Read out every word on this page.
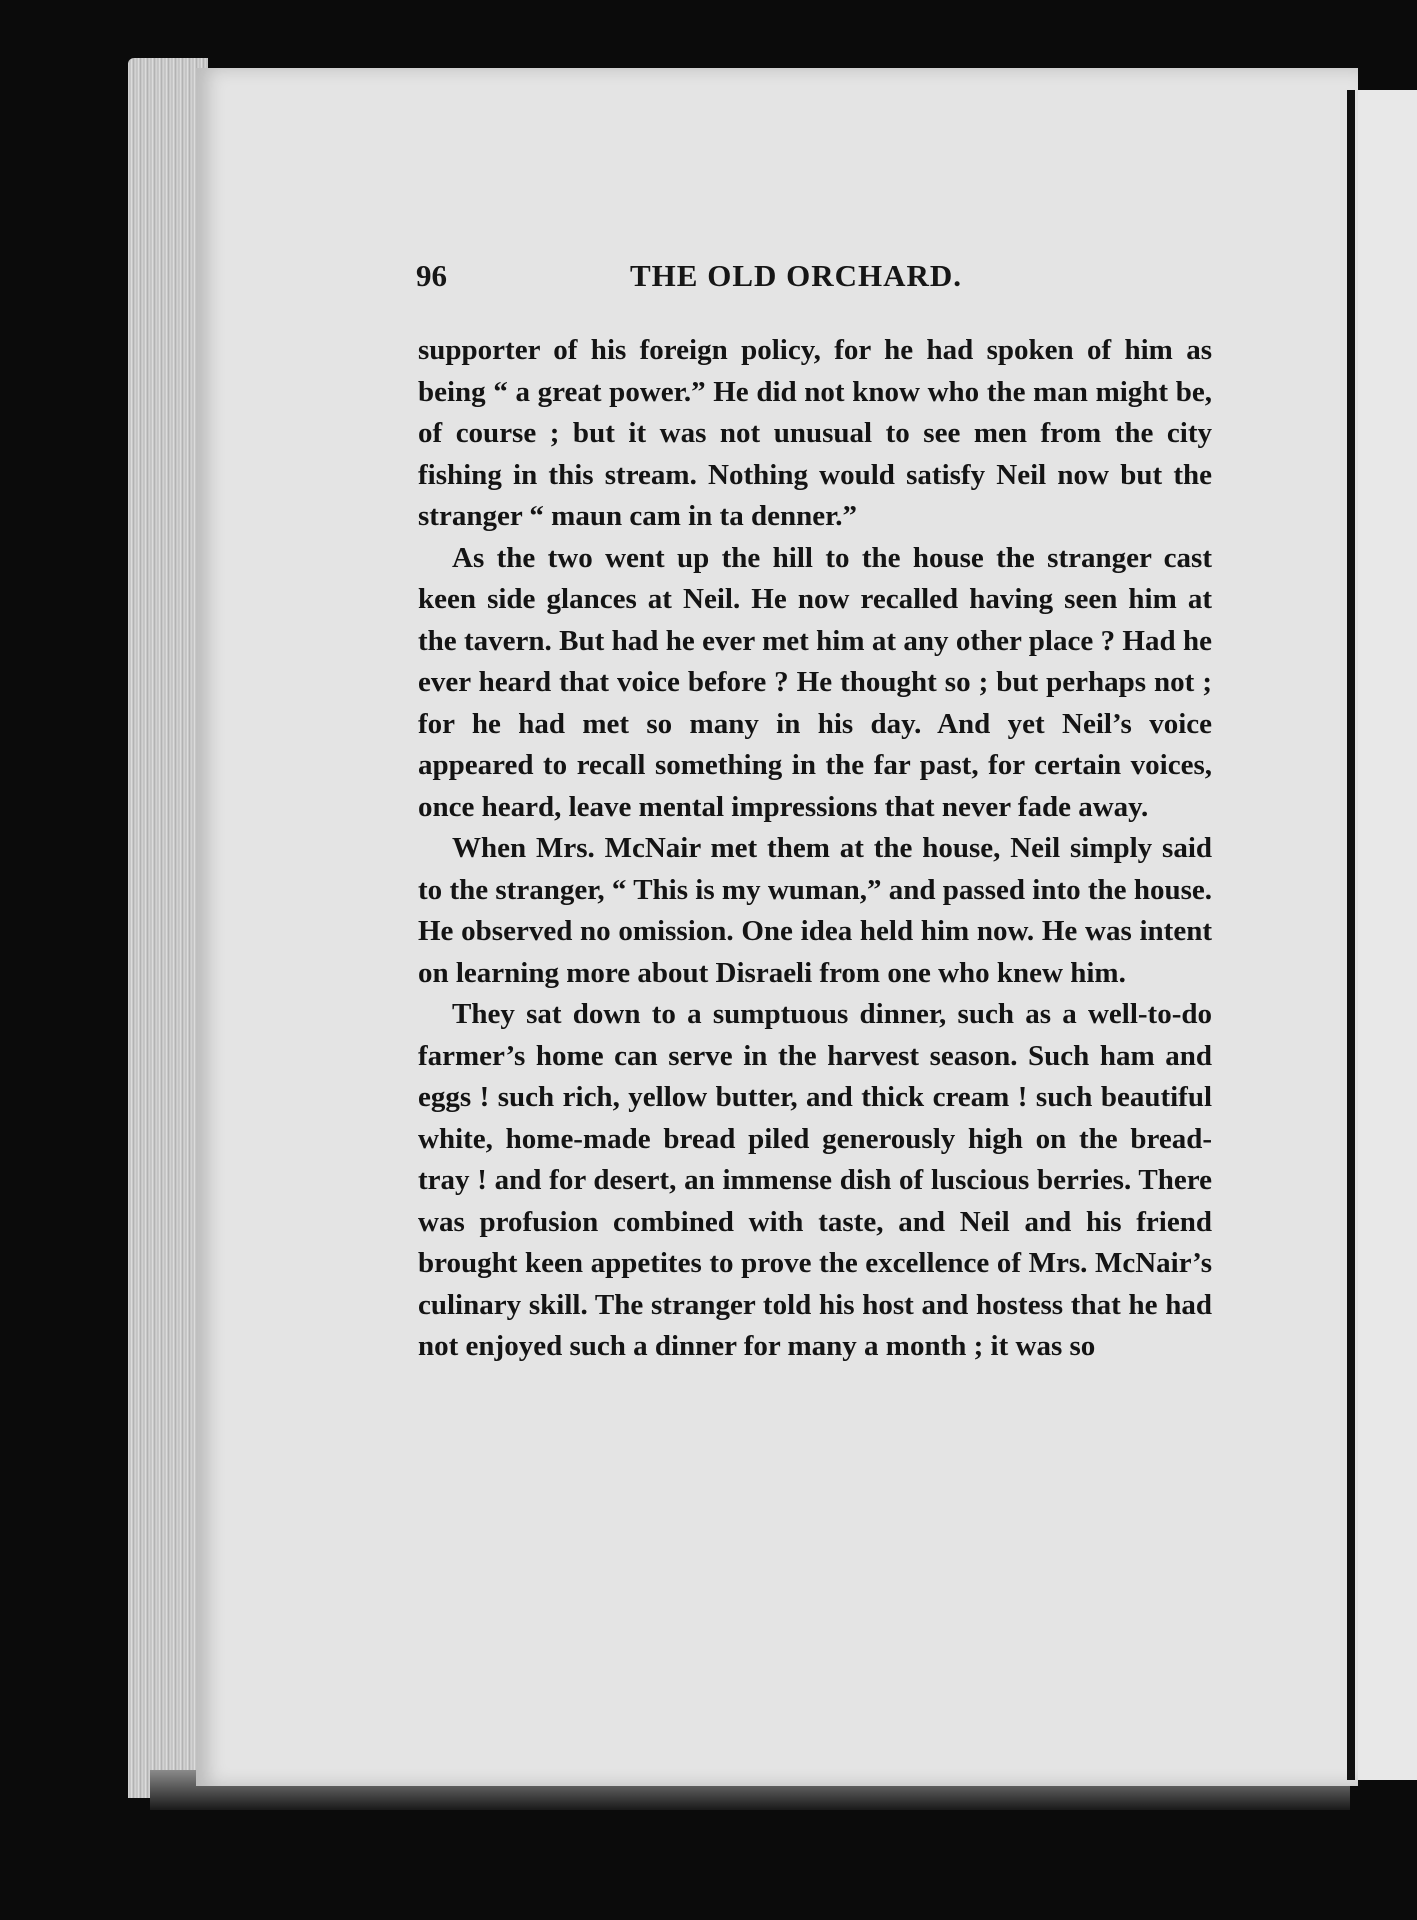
96	THE OLD ORCHARD.

supporter of his foreign policy, for he had spoken of him as being “ a great power.” He did not know who the man might be, of course ; but it was not unusual to see men from the city fishing in this stream. Nothing would satisfy Neil now but the stranger “ maun cam in ta denner.”

As the two went up the hill to the house the stranger cast keen side glances at Neil. He now recalled having seen him at the tavern. But had he ever met him at any other place ? Had he ever heard that voice before ? He thought so ; but perhaps not ; for he had met so many in his day. And yet Neil’s voice appeared to recall something in the far past, for certain voices, once heard, leave mental impressions that never fade away.

When Mrs. McNair met them at the house, Neil simply said to the stranger, “ This is my wuman,” and passed into the house. He observed no omission. One idea held him now. He was intent on learning more about Disraeli from one who knew him.

They sat down to a sumptuous dinner, such as a well-to-do farmer’s home can serve in the harvest season. Such ham and eggs ! such rich, yellow butter, and thick cream ! such beautiful white, home-made bread piled generously high on the bread-tray ! and for desert, an immense dish of luscious berries. There was profusion combined with taste, and Neil and his friend brought keen appetites to prove the excellence of Mrs. McNair’s culinary skill. The stranger told his host and hostess that he had not enjoyed such a dinner for many a month ; it was so
